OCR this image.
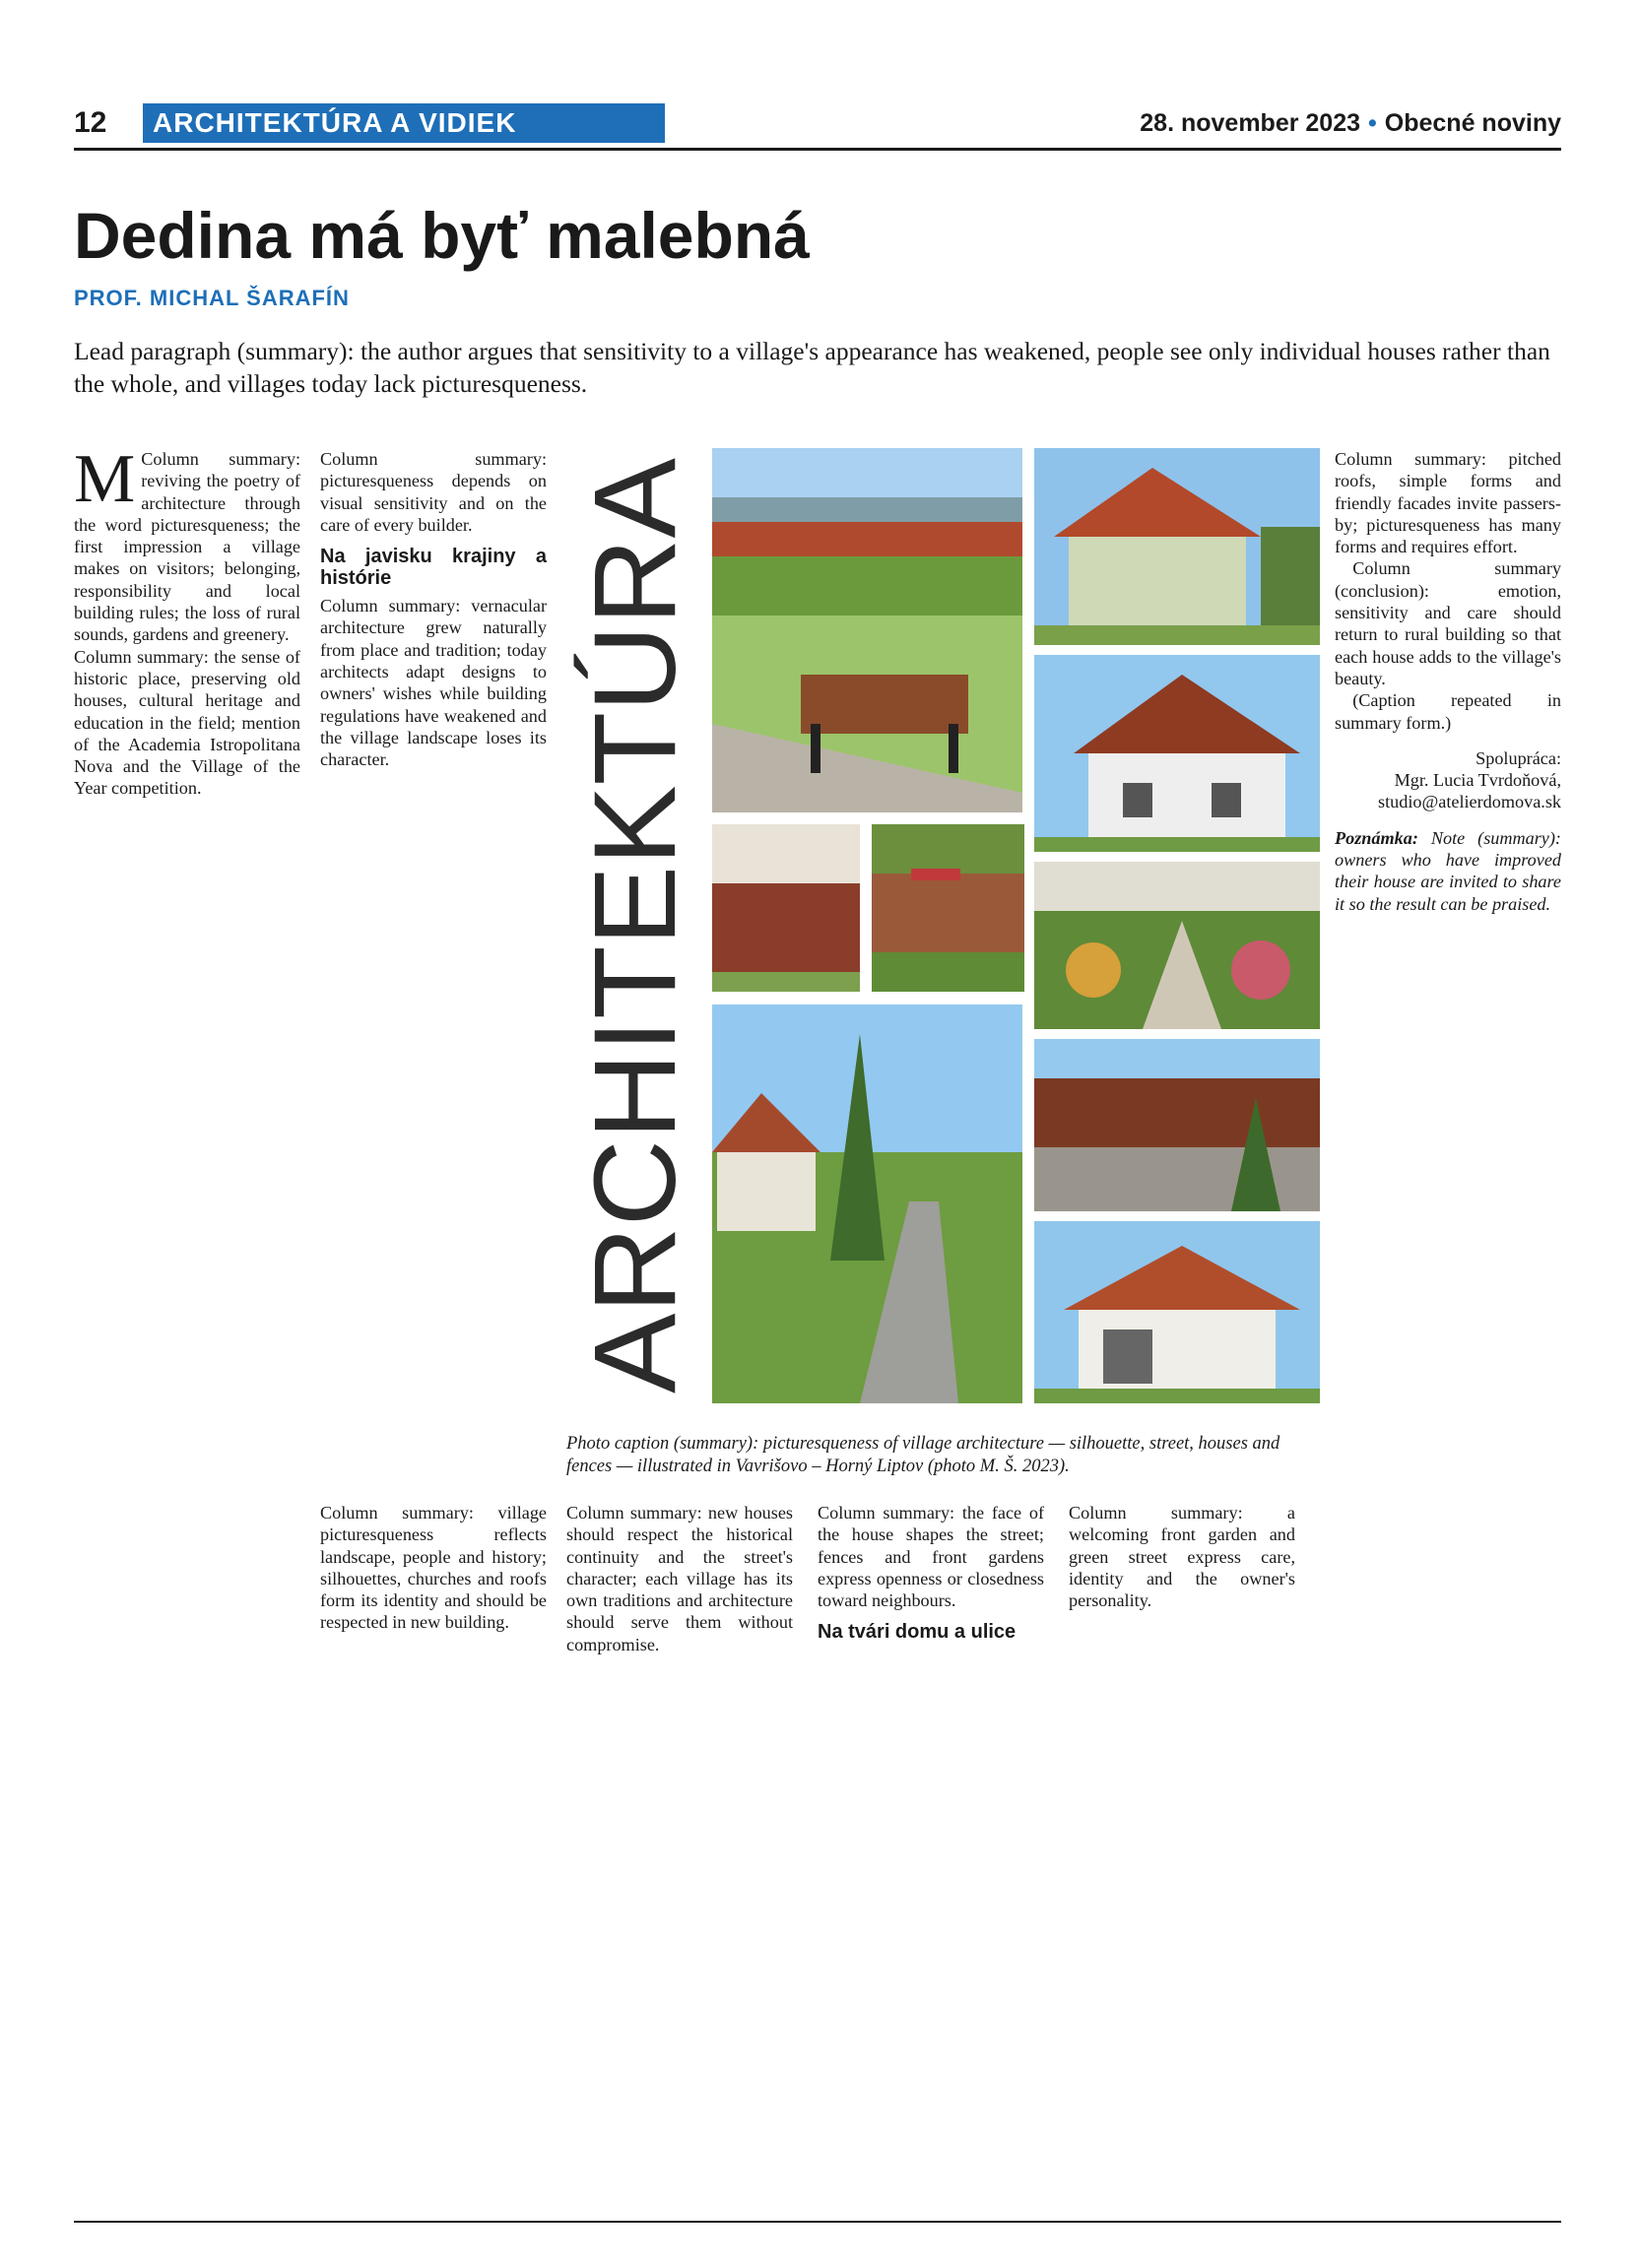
12	ARCHITEKTÚRA A VIDIEK	28. november 2023 • Obecné noviny
Dedina má byť malebná
PROF. MICHAL ŠARAFÍN
Lead paragraph (summary): the author argues that sensitivity to a village's appearance has weakened, people see only individual houses rather than the whole, and villages today lack picturesqueness.

M Column summary: reviving the poetry of architecture through the word picturesqueness; the first impression a village makes on visitors; belonging, responsibility and local building rules; the loss of rural sounds, gardens and greenery.

Column summary: the sense of historic place, preserving old houses, cultural heritage and education in the field; mention of the Academia Istropolitana Nova and the Village of the Year competition.

Column summary: picturesqueness depends on visual sensitivity and on the care of every builder.

Na javisku krajiny a histórie

Column summary: vernacular architecture grew naturally from place and tradition; today architects adapt designs to owners' wishes while building regulations have weakened and the village landscape loses its character.

Column summary: village picturesqueness reflects landscape, people and history; silhouettes, churches and roofs form its identity and should be respected in new building.

ARCHITEKTÚRA
Photo caption (summary): picturesqueness of village architecture — silhouette, street, houses and fences — illustrated in Vavrišovo – Horný Liptov (photo M. Š. 2023).

Column summary: new houses should respect the historical continuity and the street's character; each village has its own traditions and architecture should serve them without compromise.

Column summary: the face of the house shapes the street; fences and front gardens express openness or closedness toward neighbours.

Na tvári domu a ulice

Column summary: a welcoming front garden and green street express care, identity and the owner's personality.

Column summary: pitched roofs, simple forms and friendly facades invite passers-by; picturesqueness has many forms and requires effort.

Column summary (conclusion): emotion, sensitivity and care should return to rural building so that each house adds to the village's beauty.

(Caption repeated in summary form.)

Spolupráca:
Mgr. Lucia Tvrdoňová,
studio@atelierdomova.sk
Poznámka: Note (summary): owners who have improved their house are invited to share it so the result can be praised.
